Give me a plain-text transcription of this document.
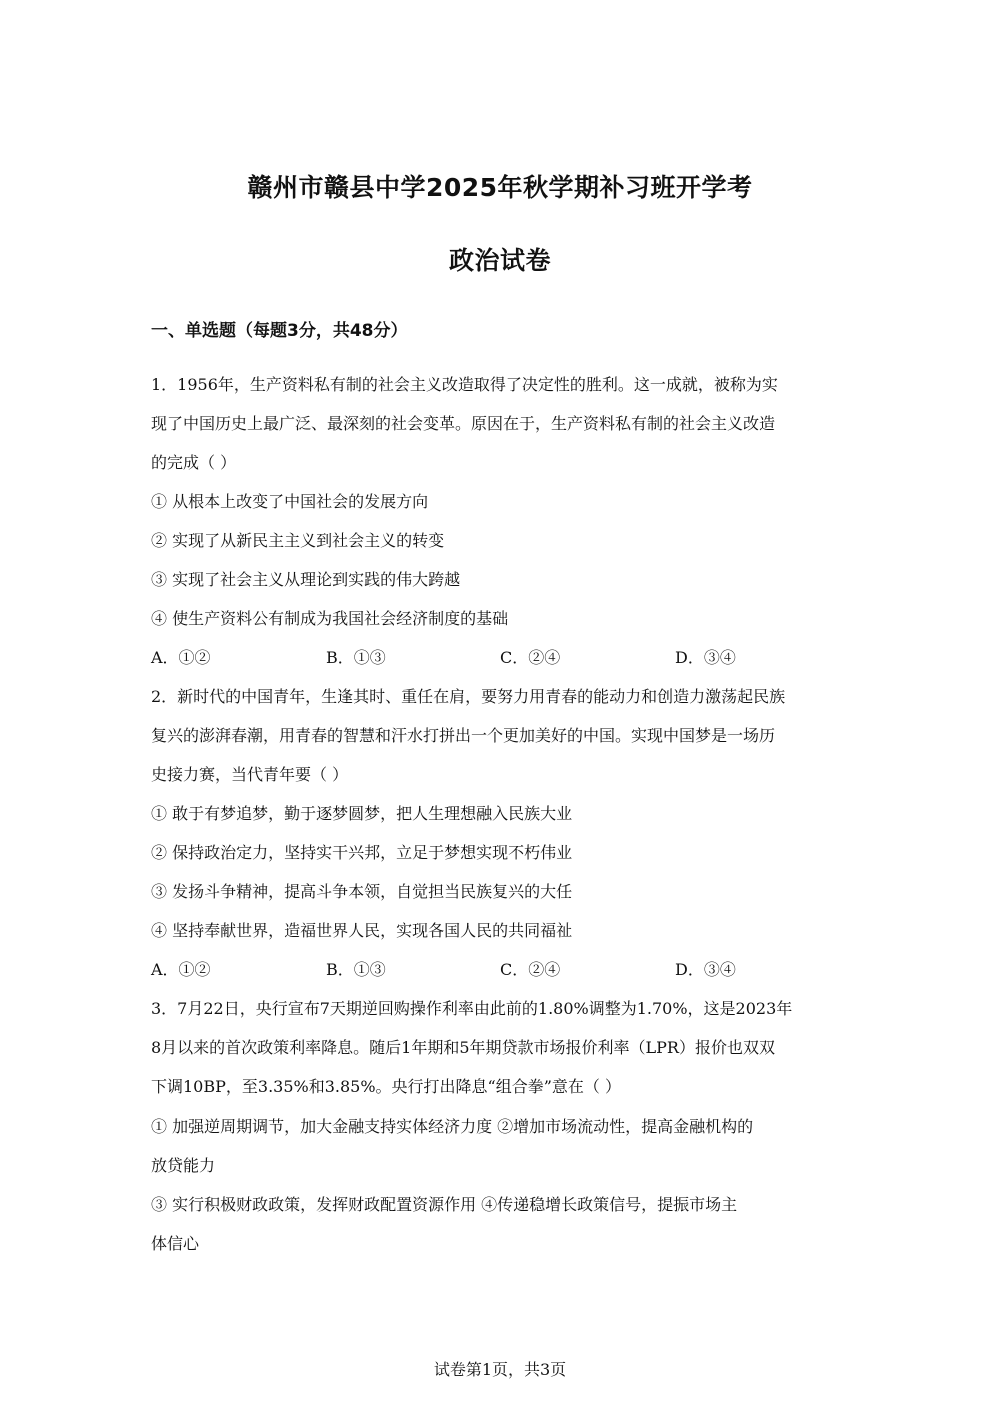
赣州市赣县中学2025年秋学期补习班开学考
政治试卷
一、单选题（每题3分，共48分）
1．1956年，生产资料私有制的社会主义改造取得了决定性的胜利。这一成就，被称为实
现了中国历史上最广泛、最深刻的社会变革。原因在于，生产资料私有制的社会主义改造
的完成（ ）
① 从根本上改变了中国社会的发展方向
② 实现了从新民主主义到社会主义的转变
③ 实现了社会主义从理论到实践的伟大跨越
④ 使生产资料公有制成为我国社会经济制度的基础
A．①②	B．①③	C．②④	D．③④
2．新时代的中国青年，生逢其时、重任在肩，要努力用青春的能动力和创造力激荡起民族
复兴的澎湃春潮，用青春的智慧和汗水打拼出一个更加美好的中国。实现中国梦是一场历
史接力赛，当代青年要（ ）
① 敢于有梦追梦，勤于逐梦圆梦，把人生理想融入民族大业
② 保持政治定力，坚持实干兴邦，立足于梦想实现不朽伟业
③ 发扬斗争精神，提高斗争本领，自觉担当民族复兴的大任
④ 坚持奉献世界，造福世界人民，实现各国人民的共同福祉
A．①②	B．①③	C．②④	D．③④
3．7月22日，央行宣布7天期逆回购操作利率由此前的1.80%调整为1.70%，这是2023年
8月以来的首次政策利率降息。随后1年期和5年期贷款市场报价利率（LPR）报价也双双
下调10BP，至3.35%和3.85%。央行打出降息“组合拳”意在（ ）
① 加强逆周期调节，加大金融支持实体经济力度 ②增加市场流动性，提高金融机构的
放贷能力
③ 实行积极财政政策，发挥财政配置资源作用 ④传递稳增长政策信号，提振市场主
体信心
试卷第1页，共3页
